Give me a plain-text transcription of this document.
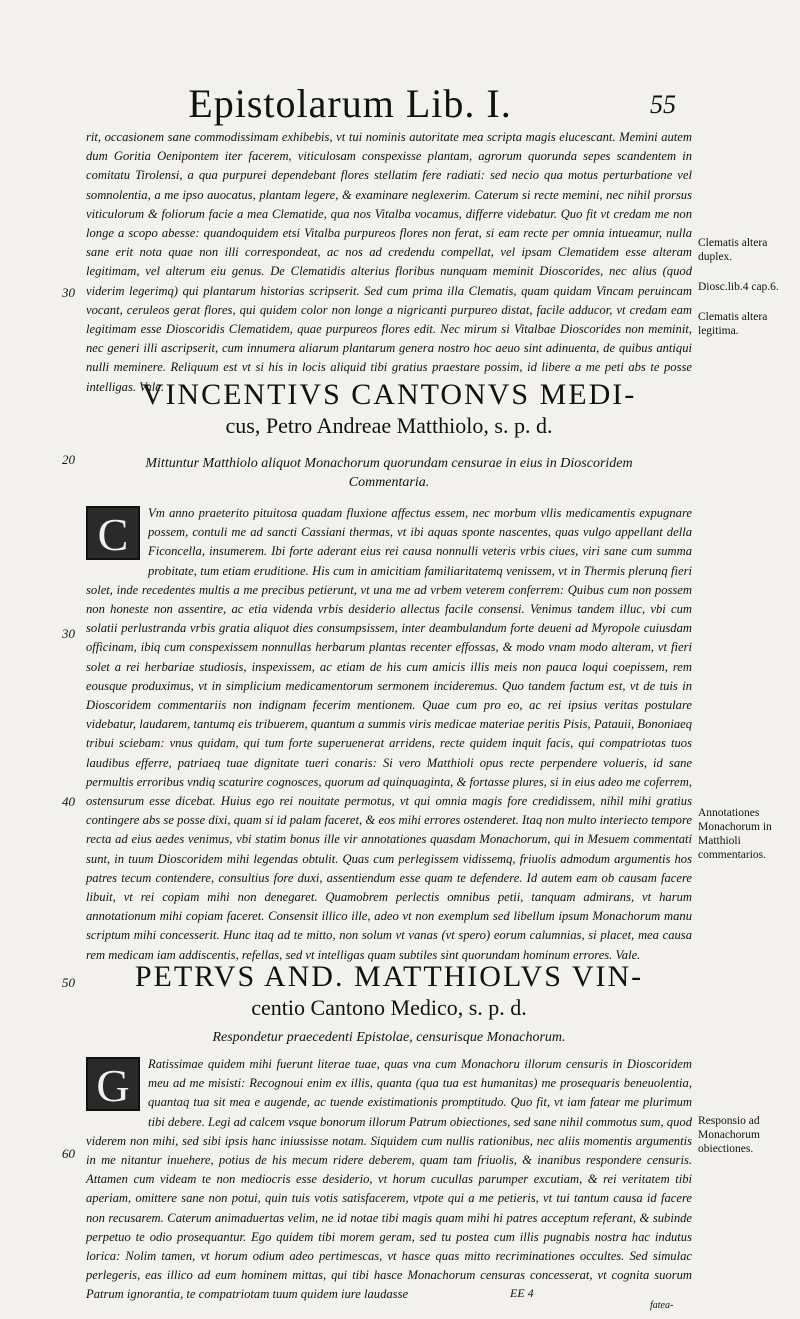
Epistolarum Lib. I.	55

rit, occasionem sane commodissimam exhibebis, vt tui nominis autoritate mea scripta magis elucescant. Memini autem dum Goritia Oenipontem iter facerem, viticulosam conspexisse plantam, agrorum quorunda sepes scandentem in comitatu Tirolensi, a qua purpurei dependebant flores stellatim fere radiati: sed necio qua motus perturbatione vel somnolentia, a me ipso auocatus, plantam legere, & examinare neglexerim. Caterum si recte memini, nec nihil prorsus viticulorum & foliorum facie a mea Clematide, qua nos Vitalba vocamus, differre videbatur. Quo fit vt credam me non longe a scopo abesse: quandoquidem etsi Vitalba purpureos flores non ferat, si eam recte per omnia intueamur, nulla sane erit nota quae non illi correspondeat, ac nos ad credendu compellat, vel ipsam Clematidem esse alteram legitimam, vel alterum eiu genus. De Clematidis alterius floribus nunquam meminit Dioscorides, nec alius (quod viderim legerimq) qui plantarum historias scripserit. Sed cum prima illa Clematis, quam quidam Vincam peruincam vocant, ceruleos gerat flores, qui quidem color non longe a nigricanti purpureo distat, facile adducor, vt credam eam legitimam esse Dioscoridis Clematidem, quae purpureos flores edit. Nec mirum si Vitalbae Dioscorides non meminit, nec generi illi ascripserit, cum innumera aliarum plantarum genera nostro hoc aeuo sint adinuenta, de quibus antiqui nulli meminere. Reliquum est vt si his in locis aliquid tibi gratius praestare possim, id libere a me peti abs te posse intelligas. Vale.

VINCENTIVS CANTONVS MEDI-

cus, Petro Andreae Matthiolo, s. p. d.

Mittuntur Matthiolo aliquot Monachorum quorundam censurae in eius in Dioscoridem Commentaria.

C	Vm anno praeterito pituitosa quadam fluxione affectus essem, nec morbum vllis medicamentis expugnare possem, contuli me ad sancti Cassiani thermas, vt ibi aquas sponte nascentes, quas vulgo appellant della Ficoncella, insumerem. Ibi forte aderant eius rei causa nonnulli veteris vrbis ciues, viri sane cum summa probitate, tum etiam eruditione. His cum in amicitiam familiaritatemq venissem, vt in Thermis plerunq fieri solet, inde recedentes multis a me precibus petierunt, vt una me ad vrbem veterem conferrem: Quibus cum non possem non honeste non assentire, ac etia videnda vrbis desiderio allectus facile consensi. Venimus tandem illuc, vbi cum solatii perlustranda vrbis gratia aliquot dies consumpsissem, inter deambulandum forte deueni ad Myropole cuiusdam officinam, ibiq cum conspexissem nonnullas herbarum plantas recenter effossas, & modo vnam modo alteram, vt fieri solet a rei herbariae studiosis, inspexissem, ac etiam de his cum amicis illis meis non pauca loqui coepissem, rem eousque produximus, vt in simplicium medicamentorum sermonem incideremus. Quo tandem factum est, vt de tuis in Dioscoridem commentariis non indignam fecerim mentionem. Quae cum pro eo, ac rei ipsius veritas postulare videbatur, laudarem, tantumq eis tribuerem, quantum a summis viris medicae materiae peritis Pisis, Patauii, Bononiaeq tribui sciebam: vnus quidam, qui tum forte superuenerat arridens, recte quidem inquit facis, qui compatriotas tuos laudibus efferre, patriaeq tuae dignitate tueri conaris: Si vero Matthioli opus recte perpendere volueris, id sane permultis erroribus vndiq scaturire cognosces, quorum ad quinquaginta, & fortasse plures, si in eius adeo me coferrem, ostensurum esse dicebat. Huius ego rei nouitate permotus, vt qui omnia magis fore credidissem, nihil mihi gratius contingere abs se posse dixi, quam si id palam faceret, & eos mihi errores ostenderet. Itaq non multo interiecto tempore recta ad eius aedes venimus, vbi statim bonus ille vir annotationes quasdam Monachorum, qui in Mesuem commentati sunt, in tuum Dioscoridem mihi legendas obtulit. Quas cum perlegissem vidissemq, friuolis admodum argumentis hos patres tecum contendere, consultius fore duxi, assentiendum esse quam te defendere. Id autem eam ob causam facere libuit, vt rei copiam mihi non denegaret. Quamobrem perlectis omnibus petii, tanquam admirans, vt harum annotationum mihi copiam faceret. Consensit illico ille, adeo vt non exemplum sed libellum ipsum Monachorum manu scriptum mihi concesserit. Hunc itaq ad te mitto, non solum vt vanas (vt spero) eorum calumnias, si placet, mea causa rem medicam iam addiscentis, refellas, sed vt intelligas quam subtiles sint quorundam hominum errores. Vale.

PETRVS AND. MATTHIOLVS VIN-

centio Cantono Medico, s. p. d.

Respondetur praecedenti Epistolae, censurisque Monachorum.

G	Ratissimae quidem mihi fuerunt literae tuae, quas vna cum Monachoru illorum censuris in Dioscoridem meu ad me misisti: Recognoui enim ex illis, quanta (qua tua est humanitas) me prosequaris beneuolentia, quantaq tua sit mea e augende, ac tuende existimationis promptitudo. Quo fit, vt iam fatear me plurimum tibi debere. Legi ad calcem vsque bonorum illorum Patrum obiectiones, sed sane nihil commotus sum, quod viderem non mihi, sed sibi ipsis hanc iniussisse notam. Siquidem cum nullis rationibus, nec aliis momentis argumentis in me nitantur inuehere, potius de his mecum ridere deberem, quam tam friuolis, & inanibus respondere censuris. Attamen cum videam te non mediocris esse desiderio, vt horum cucullas parumper excutiam, & rei veritatem tibi aperiam, omittere sane non potui, quin tuis votis satisfacerem, vtpote qui a me petieris, vt tui tantum causa id facere non recusarem. Caterum animaduertas velim, ne id notae tibi magis quam mihi hi patres acceptum referant, & subinde perpetuo te odio prosequantur. Ego quidem tibi morem geram, sed tu postea cum illis pugnabis nostra hac indutus lorica: Nolim tamen, vt horum odium adeo pertimescas, vt hasce quas mitto recriminationes occultes. Sed simulac perlegeris, eas illico ad eum hominem mittas, qui tibi hasce Monachorum censuras concesserat, vt cognita suorum Patrum ignorantia, te compatriotam tuum quidem iure laudasse

30
20
30
40
50
60
Clematis altera duplex.
Diosc.lib.4 cap.6.
Clematis altera legitima.
Annotationes Monachorum in Matthioli commentarios.
Responsio ad Monachorum obiectiones.
EE 4
fatea-
